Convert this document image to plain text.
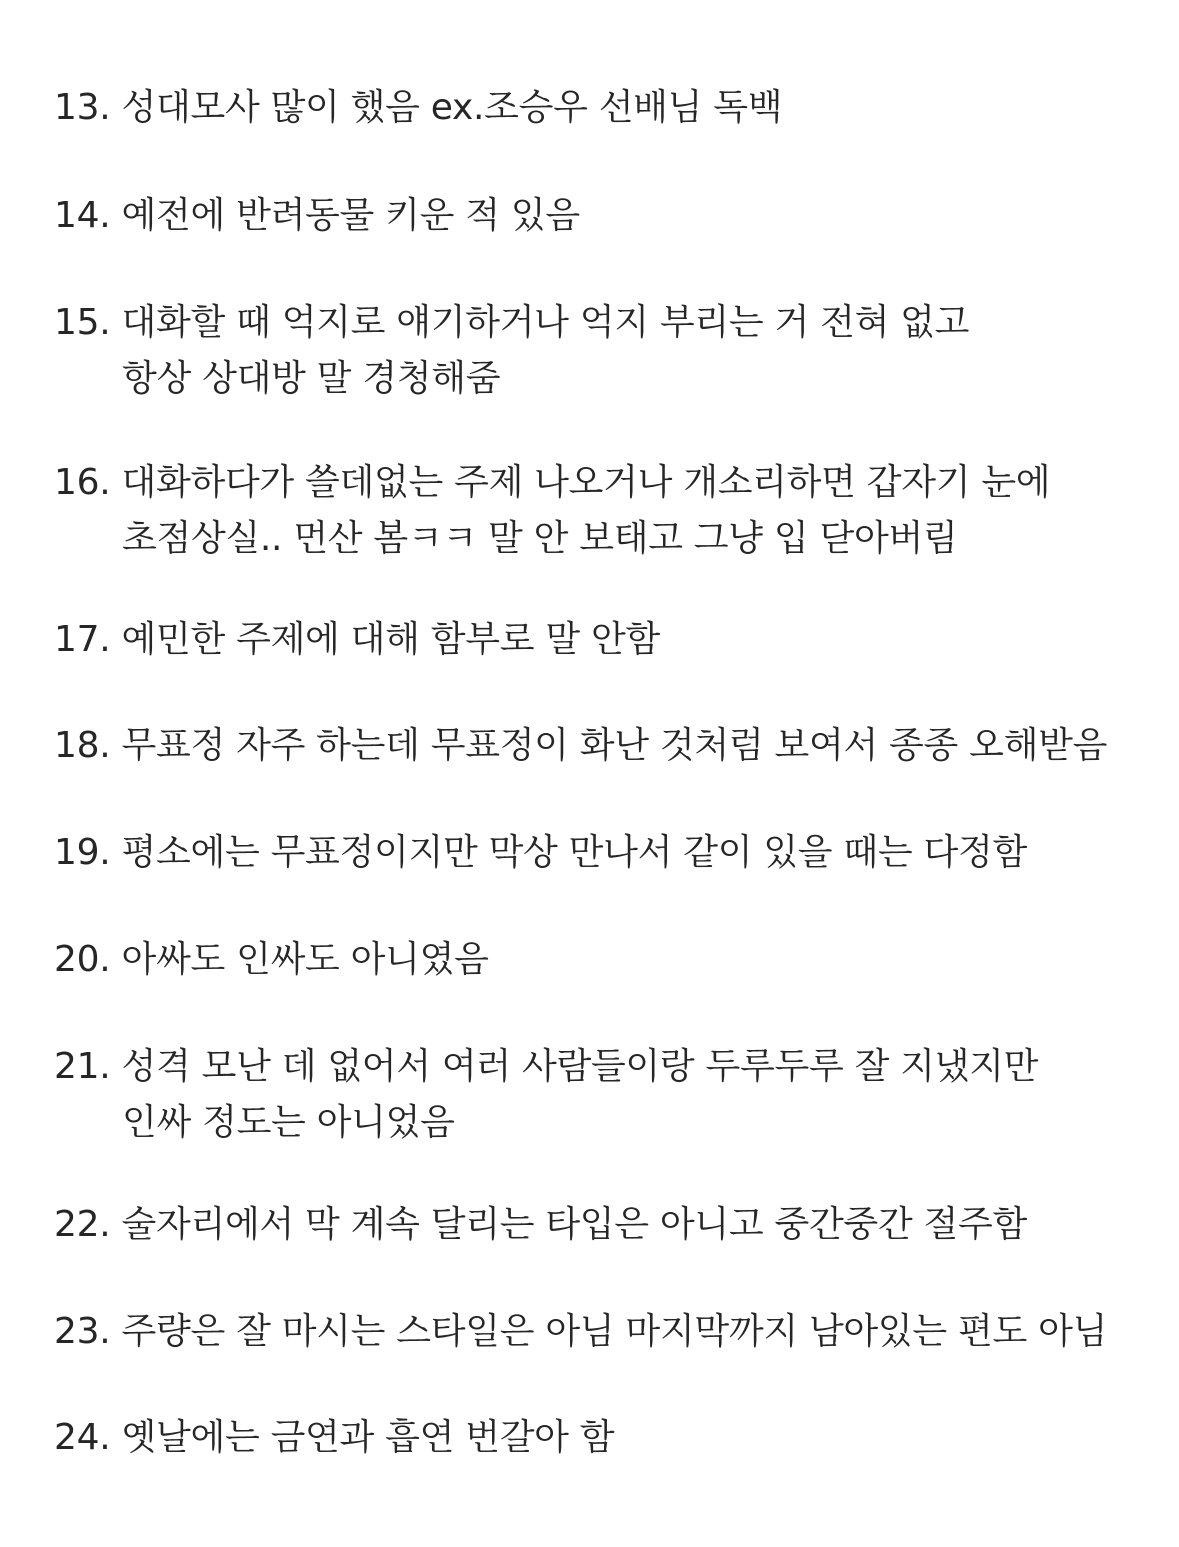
13. 성대모사 많이 했음 ex.조승우 선배님 독백
14. 예전에 반려동물 키운 적 있음
15. 대화할 때 억지로 얘기하거나 억지 부리는 거 전혀 없고
항상 상대방 말 경청해줌
16. 대화하다가 쓸데없는 주제 나오거나 개소리하면 갑자기 눈에
초점상실.. 먼산 봄ㅋㅋ 말 안 보태고 그냥 입 닫아버림
17. 예민한 주제에 대해 함부로 말 안함
18. 무표정 자주 하는데 무표정이 화난 것처럼 보여서 종종 오해받음
19. 평소에는 무표정이지만 막상 만나서 같이 있을 때는 다정함
20. 아싸도 인싸도 아니였음
21. 성격 모난 데 없어서 여러 사람들이랑 두루두루 잘 지냈지만
인싸 정도는 아니었음
22. 술자리에서 막 계속 달리는 타입은 아니고 중간중간 절주함
23. 주량은 잘 마시는 스타일은 아님 마지막까지 남아있는 편도 아님
24. 옛날에는 금연과 흡연 번갈아 함
